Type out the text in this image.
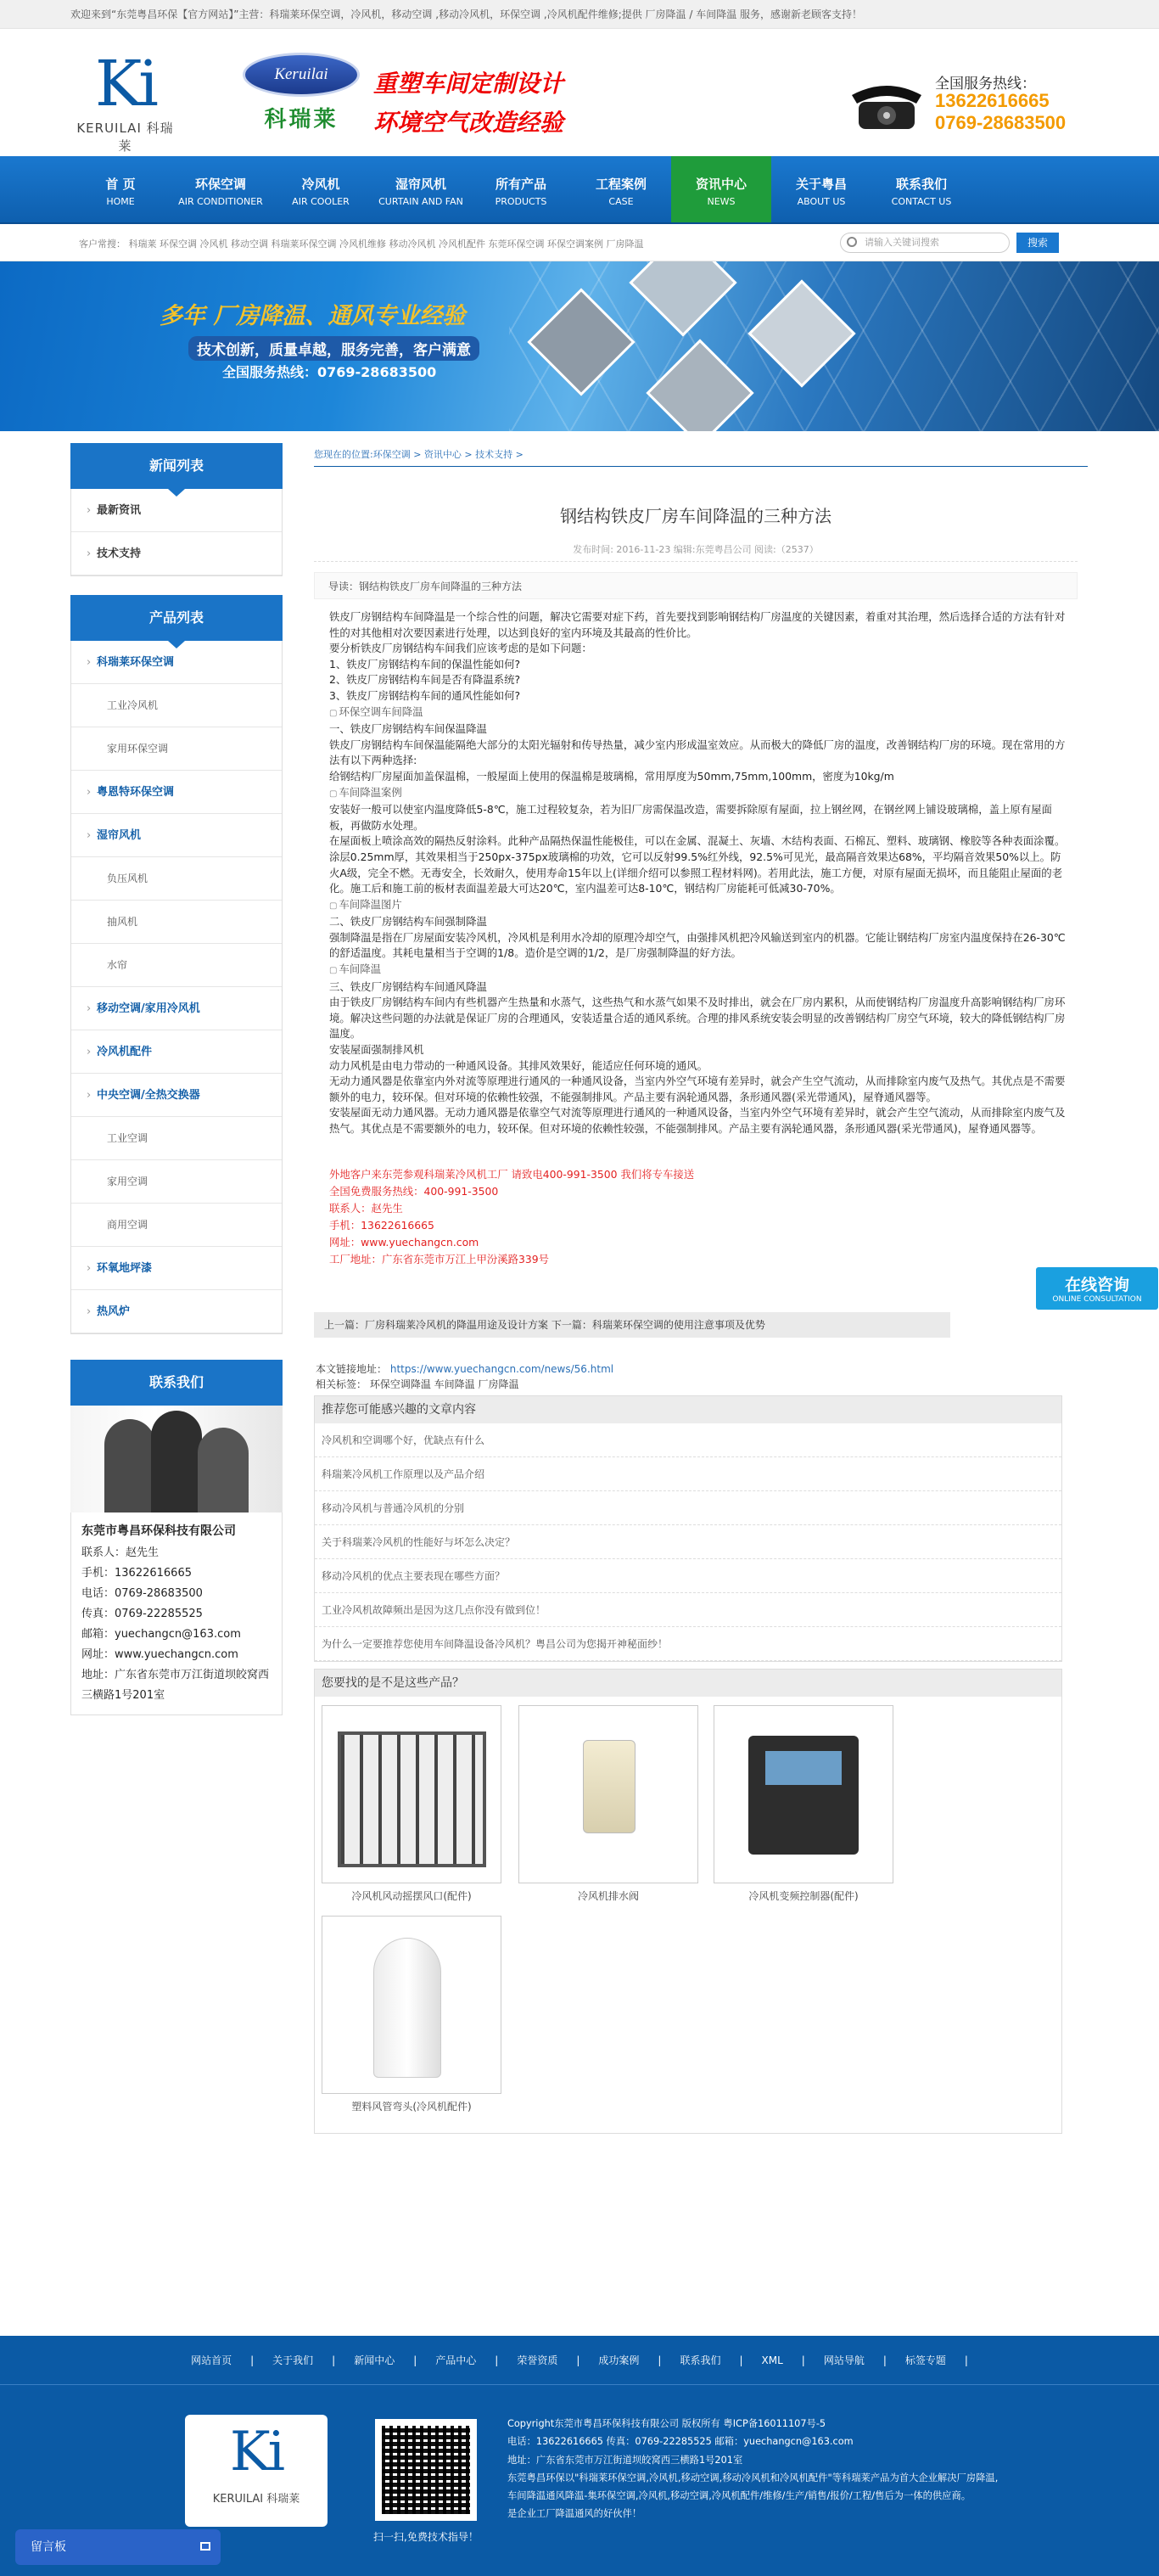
欢迎来到“东莞粤昌环保【官方网站】”主营：科瑞莱环保空调，冷风机，移动空调 ,移动冷风机，环保空调 ,冷风机配件维修;提供 厂房降温 / 车间降温 服务，感谢新老顾客支持！
Ki
KERUILAI 科瑞莱
Keruilai
科瑞莱
重塑车间定制设计
环境空气改造经验
全国服务热线：
13622616665
0769-28683500
首 页
HOME
环保空调
AIR CONDITIONER
冷风机
AIR COOLER
湿帘风机
CURTAIN AND FAN
所有产品
PRODUCTS
工程案例
CASE
资讯中心
NEWS
关于粤昌
ABOUT US
联系我们
CONTACT US
客户常搜： 科瑞莱 环保空调 冷风机 移动空调 科瑞莱环保空调 冷风机维修 移动冷风机 冷风机配件 东莞环保空调 环保空调案例 厂房降温	请输入关键词搜索	搜索
多年 厂房降温、通风专业经验
技术创新，质量卓越，服务完善，客户满意
全国服务热线：0769-28683500
新闻列表
› 最新资讯
› 技术支持
产品列表
› 科瑞莱环保空调
工业冷风机
家用环保空调
› 粤恩特环保空调
› 湿帘风机
负压风机
抽风机
水帘
› 移动空调/家用冷风机
› 冷风机配件
› 中央空调/全热交换器
工业空调
家用空调
商用空调
› 环氧地坪漆
› 热风炉
联系我们
东莞市粤昌环保科技有限公司
联系人：赵先生
手机：13622616665
电话：0769-28683500
传真：0769-22285525
邮箱：yuechangcn@163.com
网址：www.yuechangcn.com
地址：广东省东莞市万江街道坝皎窝西三横路1号201室
您现在的位置:环保空调 > 资讯中心 > 技术支持 >
钢结构铁皮厂房车间降温的三种方法
发布时间: 2016-11-23 编辑:东莞粤昌公司 阅读:（2537）
导读：钢结构铁皮厂房车间降温的三种方法
铁皮厂房钢结构车间降温是一个综合性的问题，解决它需要对症下药，首先要找到影响钢结构厂房温度的关键因素，着重对其治理，然后选择合适的方法有针对性的对其他相对次要因素进行处理，以达到良好的室内环境及其最高的性价比。
要分析铁皮厂房钢结构车间我们应该考虑的是如下问题：
1、铁皮厂房钢结构车间的保温性能如何?
2、铁皮厂房钢结构车间是否有降温系统?
3、铁皮厂房钢结构车间的通风性能如何?
▢ 环保空调车间降温
一、铁皮厂房钢结构车间保温降温
铁皮厂房钢结构车间保温能隔绝大部分的太阳光辐射和传导热量，减少室内形成温室效应。从而极大的降低厂房的温度，改善钢结构厂房的环境。现在常用的方法有以下两种选择:
给钢结构厂房屋面加盖保温棉，一般屋面上使用的保温棉是玻璃棉，常用厚度为50mm,75mm,100mm，密度为10kg/m
▢ 车间降温案例
安装好一般可以使室内温度降低5-8℃，施工过程较复杂，若为旧厂房需保温改造，需要拆除原有屋面，拉上钢丝网，在钢丝网上铺设玻璃棉，盖上原有屋面板，再做防水处理。
在屋面板上喷涂高效的隔热反射涂料。此种产品隔热保温性能极佳，可以在金属、混凝土、灰墙、木结构表面、石棉瓦、塑料、玻璃钢、橡胶等各种表面涂覆。涂层0.25mm厚，其效果相当于250px-375px玻璃棉的功效，它可以反射99.5%红外线，92.5%可见光，最高隔音效果达68%，平均隔音效果50%以上。防火A级，完全不燃。无毒安全，长效耐久，使用寿命15年以上(详细介绍可以参照工程材料网)。若用此法，施工方便，对原有屋面无损坏，而且能阻止屋面的老化。施工后和施工前的板材表面温差最大可达20℃，室内温差可达8-10℃，钢结构厂房能耗可低减30-70%。
▢ 车间降温图片
二、铁皮厂房钢结构车间强制降温
强制降温是指在厂房屋面安装冷风机，冷风机是利用水冷却的原理冷却空气，由强排风机把冷风输送到室内的机器。它能让钢结构厂房室内温度保持在26-30℃的舒适温度。其耗电量相当于空调的1/8。造价是空调的1/2，是厂房强制降温的好方法。
▢ 车间降温
三、铁皮厂房钢结构车间通风降温
由于铁皮厂房钢结构车间内有些机器产生热量和水蒸气，这些热气和水蒸气如果不及时排出，就会在厂房内累积，从而使钢结构厂房温度升高影响钢结构厂房环境。解决这些问题的办法就是保证厂房的合理通风，安装适量合适的通风系统。合理的排风系统安装会明显的改善钢结构厂房空气环境，较大的降低钢结构厂房温度。
安装屋面强制排风机
动力风机是由电力带动的一种通风设备。其排风效果好，能适应任何环境的通风。
无动力通风器是依靠室内外对流等原理进行通风的一种通风设备，当室内外空气环境有差异时，就会产生空气流动，从而排除室内废气及热气。其优点是不需要额外的电力，较环保。但对环境的依赖性较强，不能强制排风。产品主要有涡轮通风器，条形通风器(采光带通风)，屋脊通风器等。
安装屋面无动力通风器。无动力通风器是依靠空气对流等原理进行通风的一种通风设备，当室内外空气环境有差异时，就会产生空气流动，从而排除室内废气及热气。其优点是不需要额外的电力，较环保。但对环境的依赖性较强，不能强制排风。产品主要有涡轮通风器，条形通风器(采光带通风)，屋脊通风器等。
外地客户来东莞参观科瑞莱冷风机工厂 请致电400-991-3500 我们将专车接送
全国免费服务热线：400-991-3500
联系人：赵先生
手机：13622616665
网址：www.yuechangcn.com
工厂地址：广东省东莞市万江上甲汾溪路339号
上一篇：厂房科瑞莱冷风机的降温用途及设计方案 下一篇：科瑞莱环保空调的使用注意事项及优势
本文链接地址： https://www.yuechangcn.com/news/56.html
相关标签： 环保空调降温 车间降温 厂房降温
推荐您可能感兴趣的文章内容
冷风机和空调哪个好，优缺点有什么
科瑞莱冷风机工作原理以及产品介绍
移动冷风机与普通冷风机的分别
关于科瑞莱冷风机的性能好与坏怎么决定？
移动冷风机的优点主要表现在哪些方面？
工业冷风机故障频出是因为这几点你没有做到位！
为什么一定要推荐您使用车间降温设备冷风机？粤昌公司为您揭开神秘面纱！
您要找的是不是这些产品？
冷风机风动摇摆风口(配件)	冷风机排水阀	冷风机变频控制器(配件)
塑料风管弯头(冷风机配件)
网站首页 | 关于我们 | 新闻中心 | 产品中心 | 荣誉资质 | 成功案例 | 联系我们 | XML | 网站导航 | 标签专题 |
Ki
KERUILAI 科瑞莱
扫一扫,免费技术指导！
Copyright东莞市粤昌环保科技有限公司 版权所有 粤ICP备16011107号-5
电话：13622616665 传真：0769-22285525 邮箱：yuechangcn@163.com
地址：广东省东莞市万江街道坝皎窝西三横路1号201室
东莞粤昌环保以"科瑞莱环保空调,冷风机,移动空调,移动冷风机和冷风机配件"等科瑞莱产品为首大企业解决厂房降温,
车间降温通风降温-集环保空调,冷风机,移动空调,冷风机配件/维修/生产/销售/报价/工程/售后为一体的供应商。
是企业工厂降温通风的好伙伴！
在线咨询
ONLINE CONSULTATION
留言板
